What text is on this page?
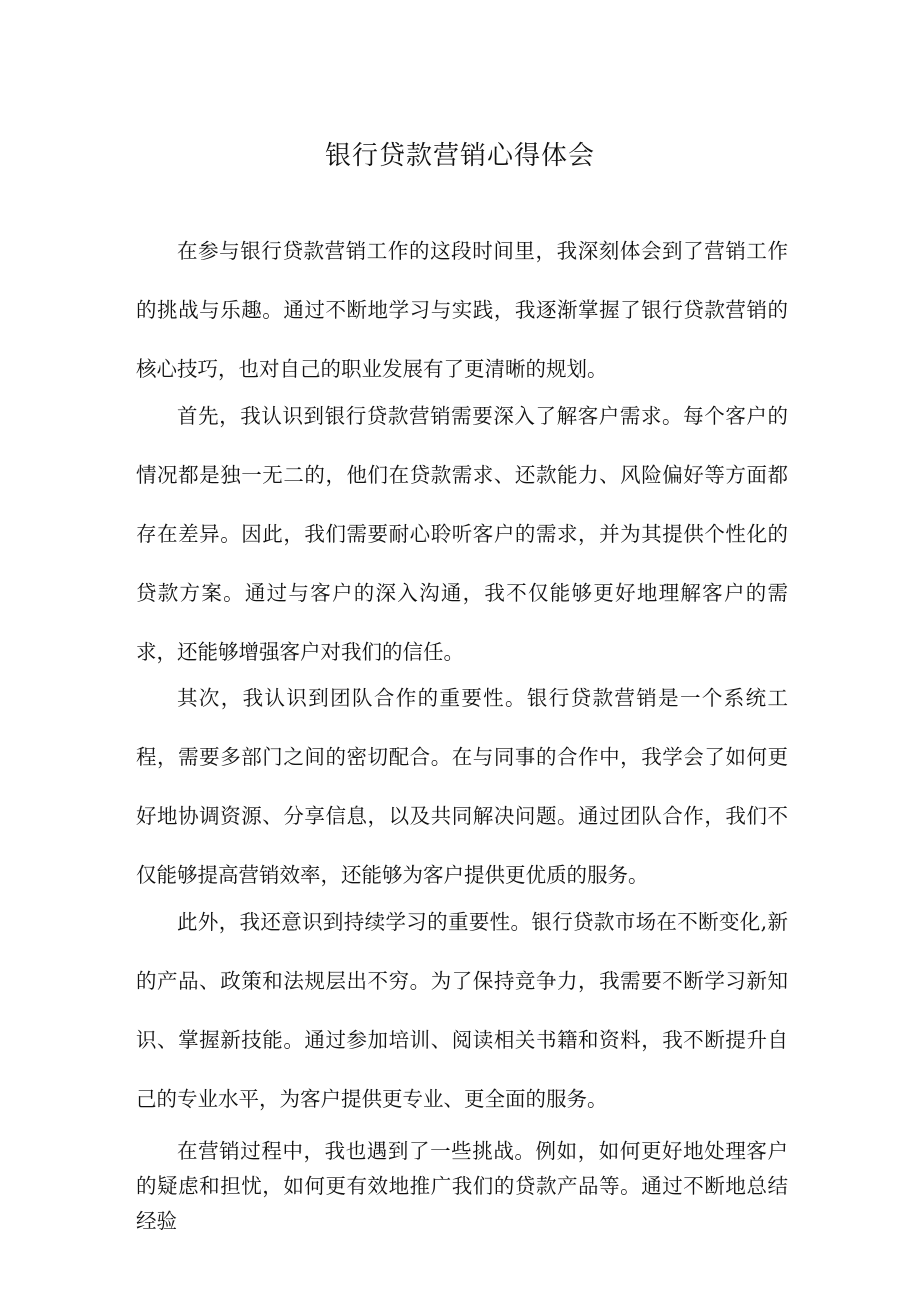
银行贷款营销心得体会

在参与银行贷款营销工作的这段时间里，我深刻体会到了营销工作的挑战与乐趣。通过不断地学习与实践，我逐渐掌握了银行贷款营销的核心技巧，也对自己的职业发展有了更清晰的规划。

首先，我认识到银行贷款营销需要深入了解客户需求。每个客户的情况都是独一无二的，他们在贷款需求、还款能力、风险偏好等方面都存在差异。因此，我们需要耐心聆听客户的需求，并为其提供个性化的贷款方案。通过与客户的深入沟通，我不仅能够更好地理解客户的需求，还能够增强客户对我们的信任。

其次，我认识到团队合作的重要性。银行贷款营销是一个系统工程，需要多部门之间的密切配合。在与同事的合作中，我学会了如何更好地协调资源、分享信息，以及共同解决问题。通过团队合作，我们不仅能够提高营销效率，还能够为客户提供更优质的服务。

此外，我还意识到持续学习的重要性。银行贷款市场在不断变化,新的产品、政策和法规层出不穷。为了保持竞争力，我需要不断学习新知识、掌握新技能。通过参加培训、阅读相关书籍和资料，我不断提升自己的专业水平，为客户提供更专业、更全面的服务。

在营销过程中，我也遇到了一些挑战。例如，如何更好地处理客户的疑虑和担忧，如何更有效地推广我们的贷款产品等。通过不断地总结经验
